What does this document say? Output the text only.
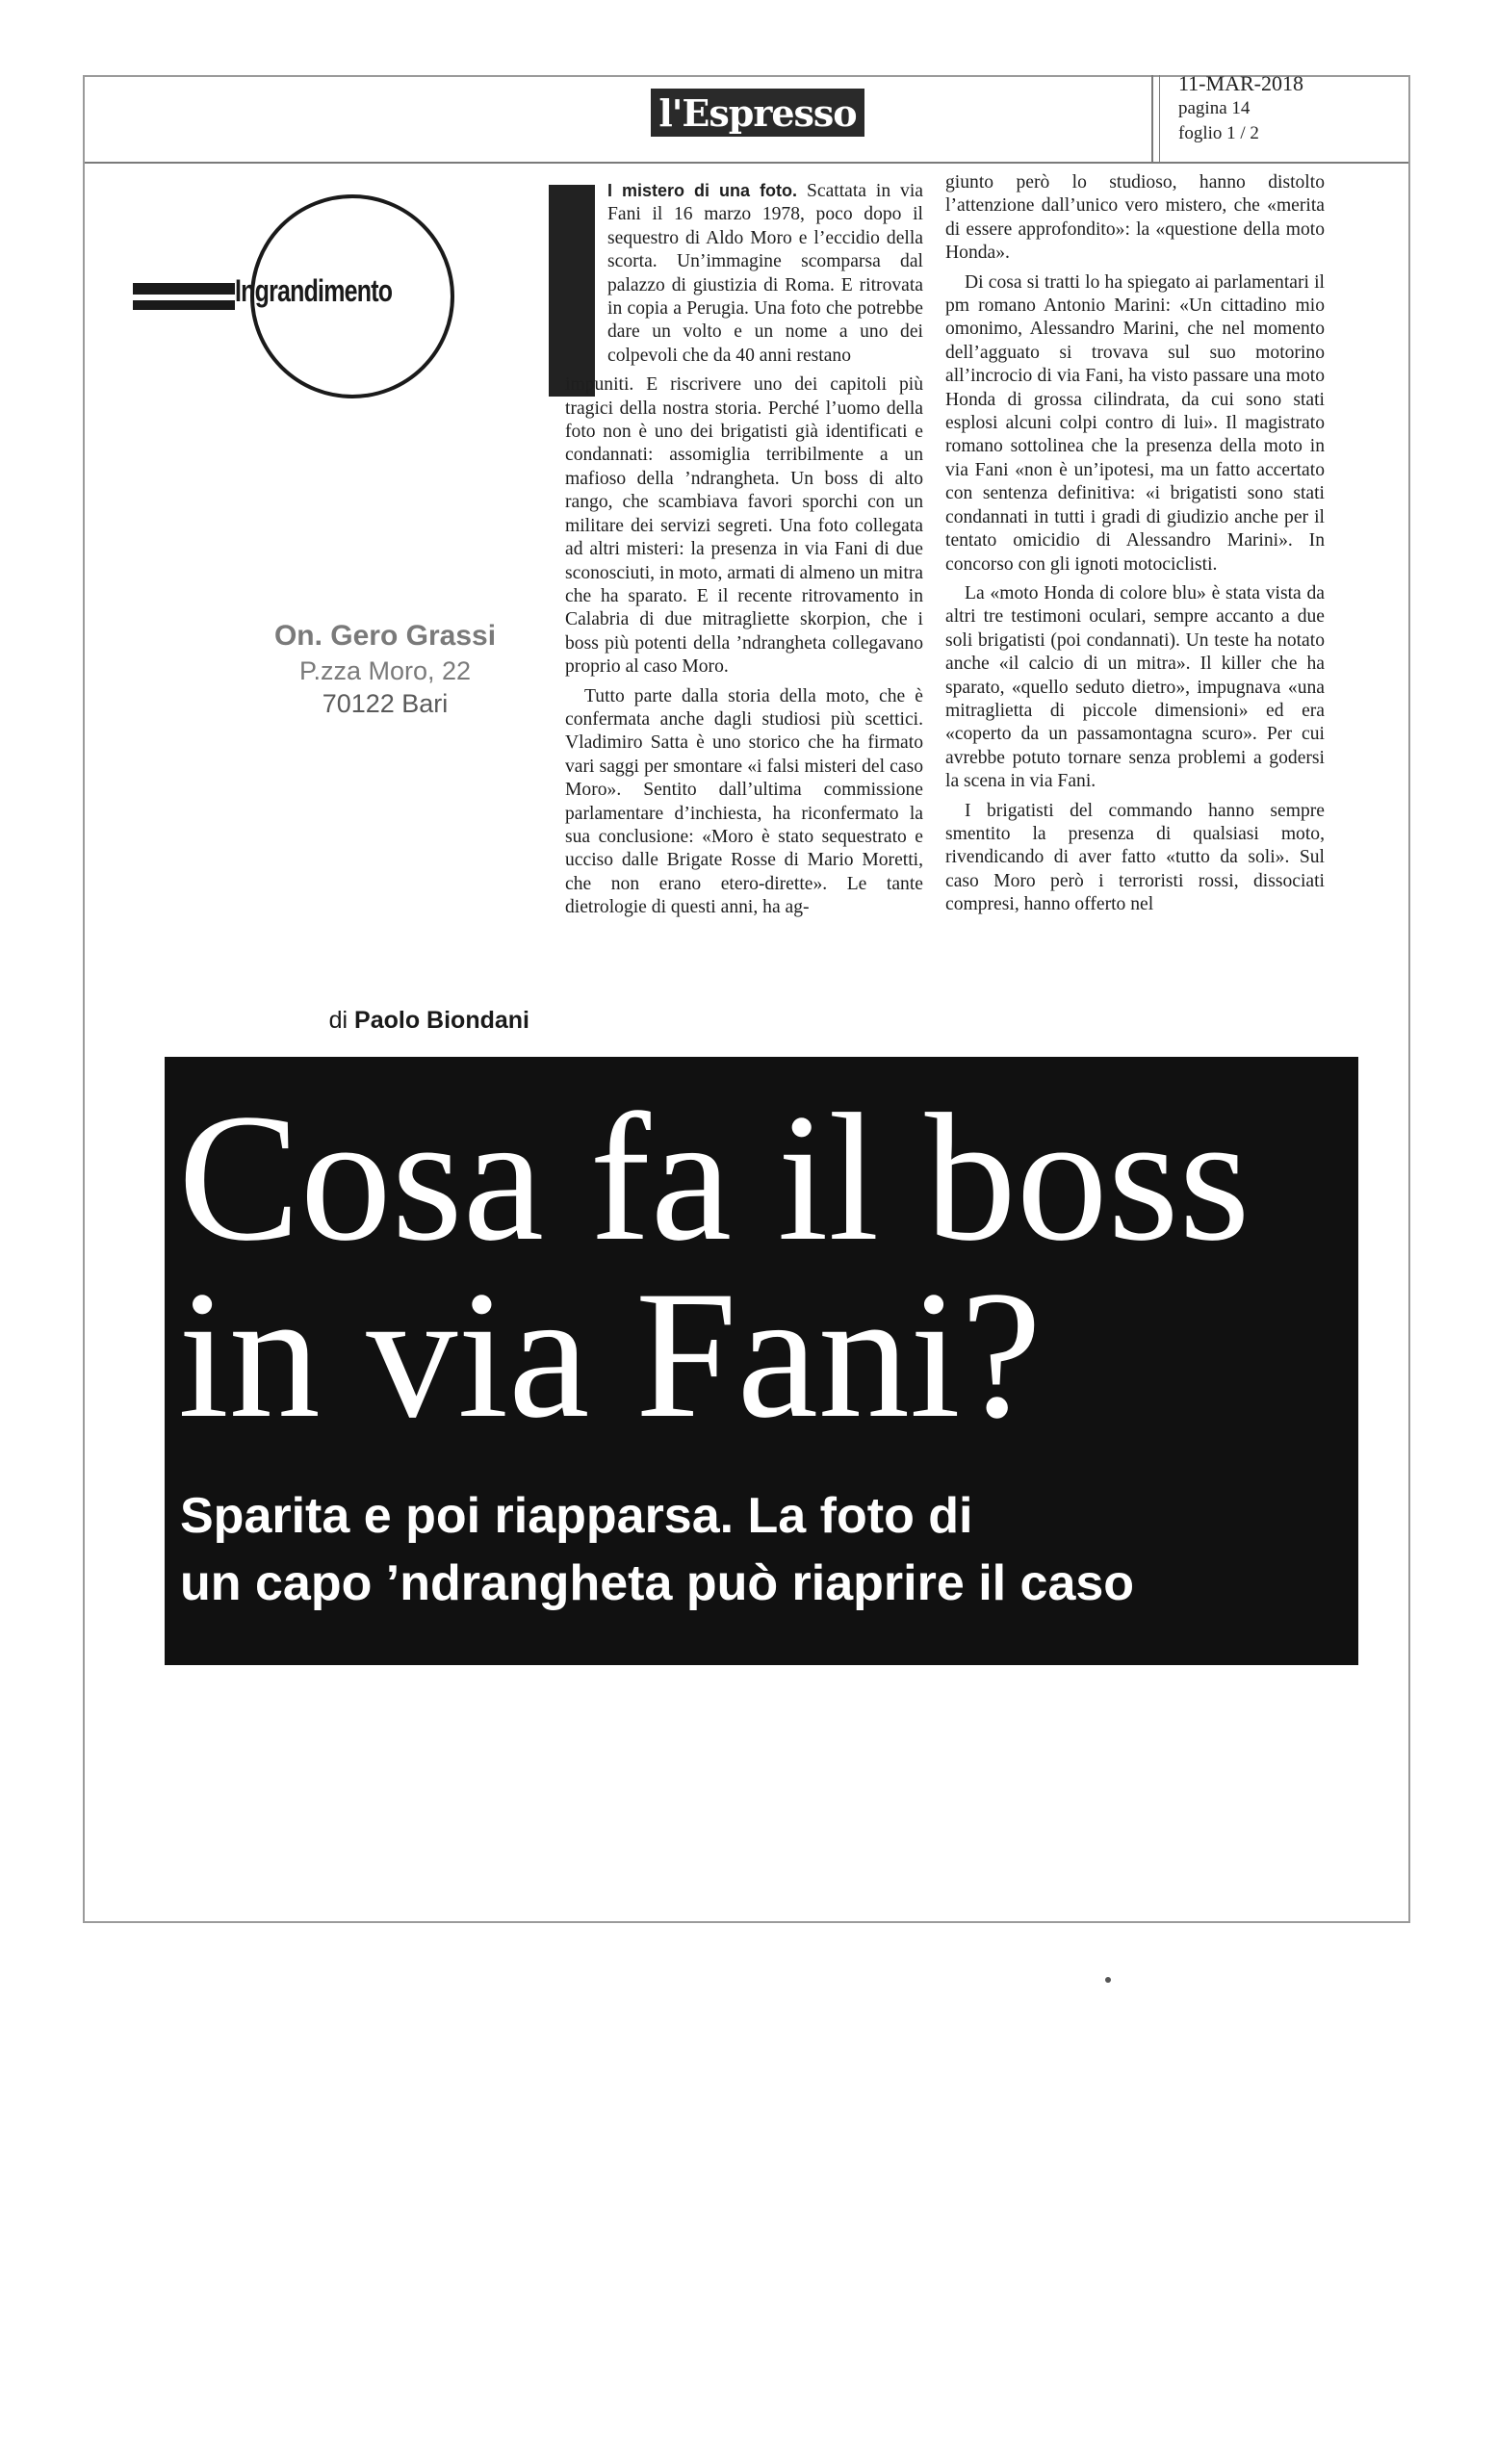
l'Espresso
11-MAR-2018
pagina 14
foglio 1 / 2
Ingrandimento
On. Gero Grassi
P.zza Moro, 22
70122 Bari
di Paolo Biondani

I mistero di una foto. Scattata in via Fani il 16 marzo 1978, poco dopo il sequestro di Aldo Moro e l’eccidio della scorta. Un’immagine scomparsa dal palazzo di giustizia di Roma. E ritrovata in copia a Perugia. Una foto che potrebbe dare un volto e un nome a uno dei colpevoli che da 40 anni restano

impuniti. E riscrivere uno dei capitoli più tragici della nostra storia. Perché l’uomo della foto non è uno dei brigatisti già identificati e condannati: assomiglia terribilmente a un mafioso della ’ndrangheta. Un boss di alto rango, che scambiava favori sporchi con un militare dei servizi segreti. Una foto collegata ad altri misteri: la presenza in via Fani di due sconosciuti, in moto, armati di almeno un mitra che ha sparato. E il recente ritrovamento in Calabria di due mitragliette skorpion, che i boss più potenti della ’ndrangheta collegavano proprio al caso Moro.

Tutto parte dalla storia della moto, che è confermata anche dagli studiosi più scettici. Vladimiro Satta è uno storico che ha firmato vari saggi per smontare «i falsi misteri del caso Moro». Sentito dall’ultima commissione parlamentare d’inchiesta, ha riconfermato la sua conclusione: «Moro è stato sequestrato e ucciso dalle Brigate Rosse di Mario Moretti, che non erano etero-dirette». Le tante dietrologie di questi anni, ha ag-

giunto però lo studioso, hanno distolto l’attenzione dall’unico vero mistero, che «merita di essere approfondito»: la «questione della moto Honda».

Di cosa si tratti lo ha spiegato ai parlamentari il pm romano Antonio Marini: «Un cittadino mio omonimo, Alessandro Marini, che nel momento dell’agguato si trovava sul suo motorino all’incrocio di via Fani, ha visto passare una moto Honda di grossa cilindrata, da cui sono stati esplosi alcuni colpi contro di lui». Il magistrato romano sottolinea che la presenza della moto in via Fani «non è un’ipotesi, ma un fatto accertato con sentenza definitiva: «i brigatisti sono stati condannati in tutti i gradi di giudizio anche per il tentato omicidio di Alessandro Marini». In concorso con gli ignoti motociclisti.

La «moto Honda di colore blu» è stata vista da altri tre testimoni oculari, sempre accanto a due soli brigatisti (poi condannati). Un teste ha notato anche «il calcio di un mitra». Il killer che ha sparato, «quello seduto dietro», impugnava «una mitraglietta di piccole dimensioni» ed era «coperto da un passamontagna scuro». Per cui avrebbe potuto tornare senza problemi a godersi la scena in via Fani.

I brigatisti del commando hanno sempre smentito la presenza di qualsiasi moto, rivendicando di aver fatto «tutto da soli». Sul caso Moro però i terroristi rossi, dissociati compresi, hanno offerto nel

Cosa fa il boss
in via Fani?
Sparita e poi riapparsa. La foto di
un capo ’ndrangheta può riaprire il caso
